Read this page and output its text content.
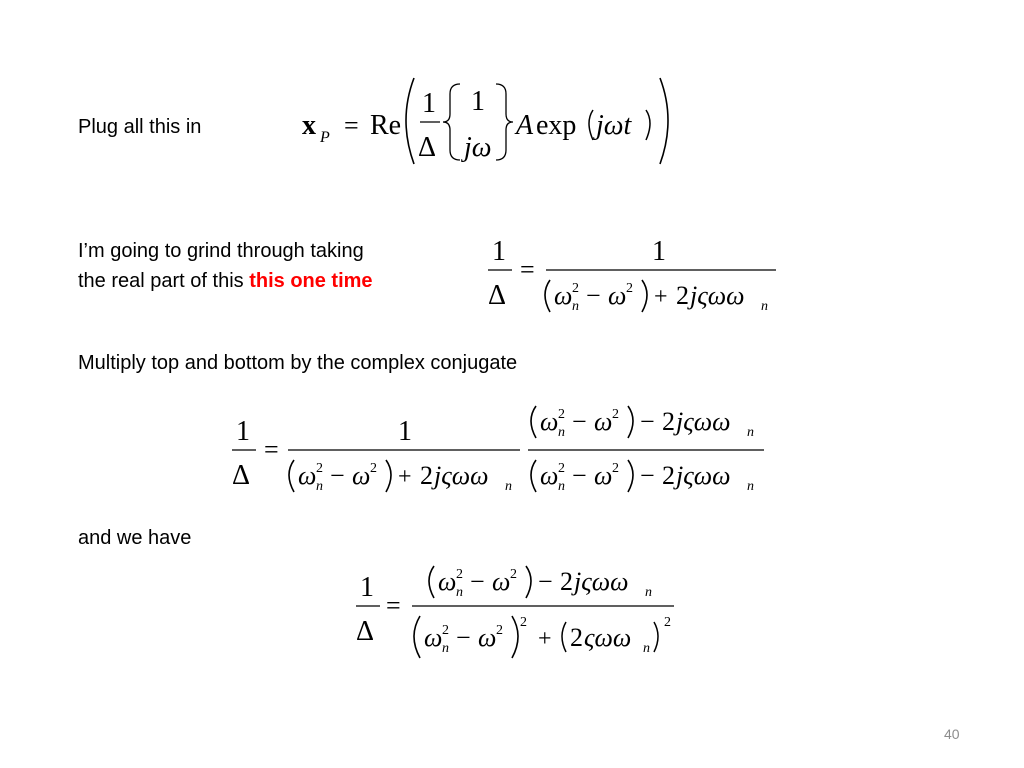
Plug all this in
I’m going to grind through taking
the real part of this this one time
Multiply top and bottom by the complex conjugate
and we have
x P = Re
1
Δ
1
jω
A exp jωt
1
Δ
=
1
ω 2
n − ω 2 + 2 jςωω n
1
Δ
=
1
ω 2
n − ω 2 + 2 jςωω n
ω 2
n − ω 2 − 2 jςωω n
ω 2
n − ω 2 − 2 jςωω n
1
Δ
=
ω 2
n − ω 2 − 2 jςωω n
ω 2
n − ω 2
2
+ 2 ςωω n
2
40
